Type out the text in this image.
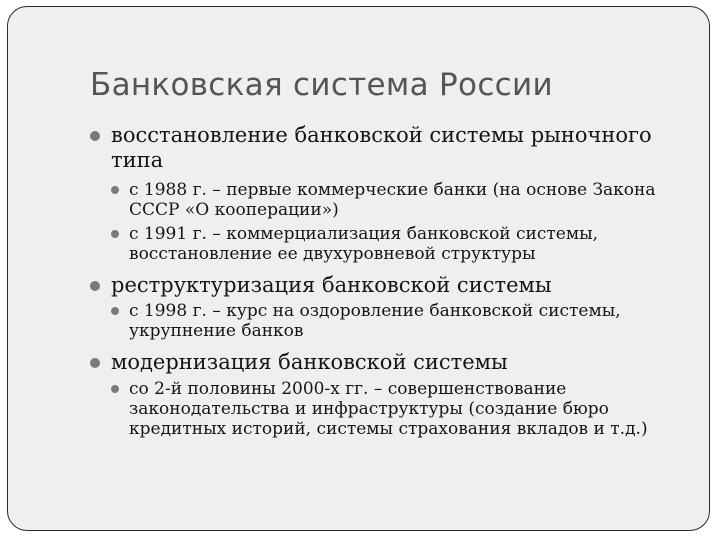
Банковская система России
восстановление банковской системы рыночного типа
с 1988 г. – первые коммерческие банки (на основе Закона СССР «О кооперации»)
с 1991 г. – коммерциализация банковской системы, восстановление ее двухуровневой структуры
реструктуризация банковской системы
с 1998 г. – курс на оздоровление банковской системы, укрупнение банков
модернизация банковской системы
со 2-й половины 2000-х гг. – совершенствование законодательства и инфраструктуры (создание бюро кредитных историй, системы страхования вкладов и т.д.)
